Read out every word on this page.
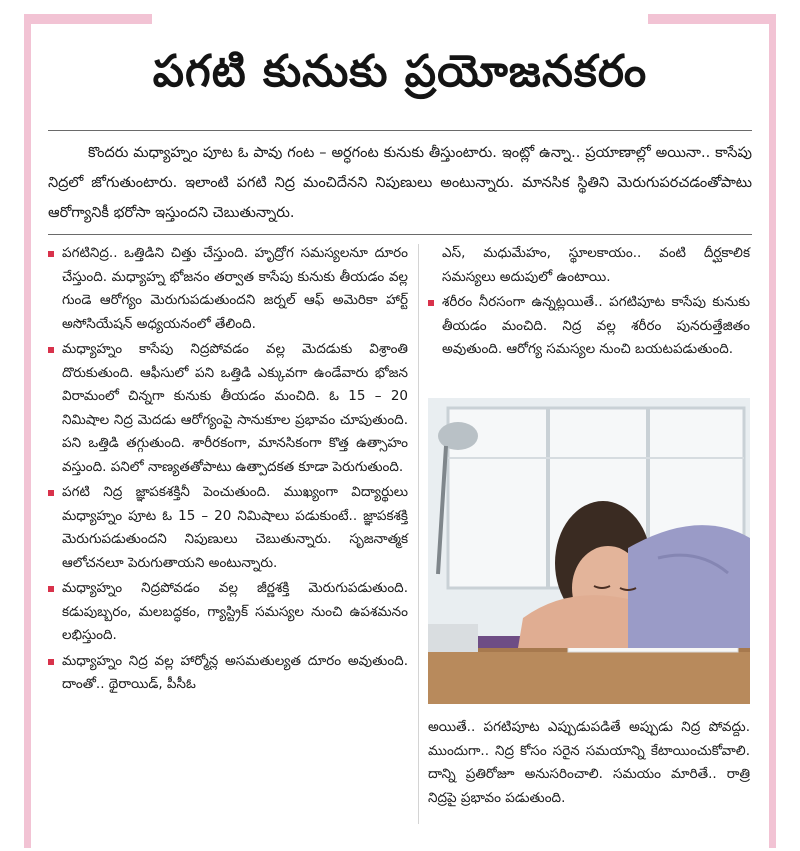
పగటి కునుకు ప్రయోజనకరం

కొందరు మధ్యాహ్నం పూట ఓ పావు గంట – అర్ధగంట కునుకు తీస్తుంటారు. ఇంట్లో ఉన్నా.. ప్రయాణాల్లో అయినా.. కాసేపు నిద్రలో జోగుతుంటారు. ఇలాంటి పగటి నిద్ర మంచిదేనని నిపుణులు అంటున్నారు. మానసిక స్థితిని మెరుగుపరచడంతోపాటు ఆరోగ్యానికీ భరోసా ఇస్తుందని చెబుతున్నారు.

పగటినిద్ర.. ఒత్తిడిని చిత్తు చేస్తుంది. హృద్రోగ సమస్యలనూ దూరం చేస్తుంది. మధ్యాహ్న భోజనం తర్వాత కాసేపు కునుకు తీయడం వల్ల గుండె ఆరోగ్యం మెరుగుపడుతుందని జర్నల్ ఆఫ్ అమెరికా హార్ట్ అసోసియేషన్ అధ్యయనంలో తేలింది.
మధ్యాహ్నం కాసేపు నిద్రపోవడం వల్ల మెదడుకు విశ్రాంతి దొరుకుతుంది. ఆఫీసులో పని ఒత్తిడి ఎక్కువగా ఉండేవారు భోజన విరామంలో చిన్నగా కునుకు తీయడం మంచిది. ఓ 15 – 20 నిమిషాల నిద్ర మెదడు ఆరోగ్యంపై సానుకూల ప్రభావం చూపుతుంది. పని ఒత్తిడి తగ్గుతుంది. శారీరకంగా, మానసికంగా కొత్త ఉత్సాహం వస్తుంది. పనిలో నాణ్యతతోపాటు ఉత్పాదకత కూడా పెరుగుతుంది.
పగటి నిద్ర జ్ఞాపకశక్తినీ పెంచుతుంది. ముఖ్యంగా విద్యార్థులు మధ్యాహ్నం పూట ఓ 15 – 20 నిమిషాలు పడుకుంటే.. జ్ఞాపకశక్తి మెరుగుపడుతుందని నిపుణులు చెబుతున్నారు. సృజనాత్మక ఆలోచనలూ పెరుగుతాయని అంటున్నారు.
మధ్యాహ్నం నిద్రపోవడం వల్ల జీర్ణశక్తి మెరుగుపడుతుంది. కడుపుబ్బరం, మలబద్ధకం, గ్యాస్ట్రిక్ సమస్యల నుంచి ఉపశమనం లభిస్తుంది.
మధ్యాహ్నం నిద్ర వల్ల హార్మోన్ల అసమతుల్యత దూరం అవుతుంది. దాంతో.. థైరాయిడ్, పీసీఓ
ఎస్, మధుమేహం, స్థూలకాయం.. వంటి దీర్ఘకాలిక సమస్యలు అదుపులో ఉంటాయి.
శరీరం నీరసంగా ఉన్నట్లయితే.. పగటిపూట కాసేపు కునుకు తీయడం మంచిది. నిద్ర వల్ల శరీరం పునరుత్తేజితం అవుతుంది. ఆరోగ్య సమస్యల నుంచి బయటపడుతుంది.

అయితే.. పగటిపూట ఎప్పుడుపడితే అప్పుడు నిద్ర పోవద్దు. ముందుగా.. నిద్ర కోసం సరైన సమయాన్ని కేటాయించుకోవాలి. దాన్ని ప్రతిరోజూ అనుసరించాలి. సమయం మారితే.. రాత్రి నిద్రపై ప్రభావం పడుతుంది.
